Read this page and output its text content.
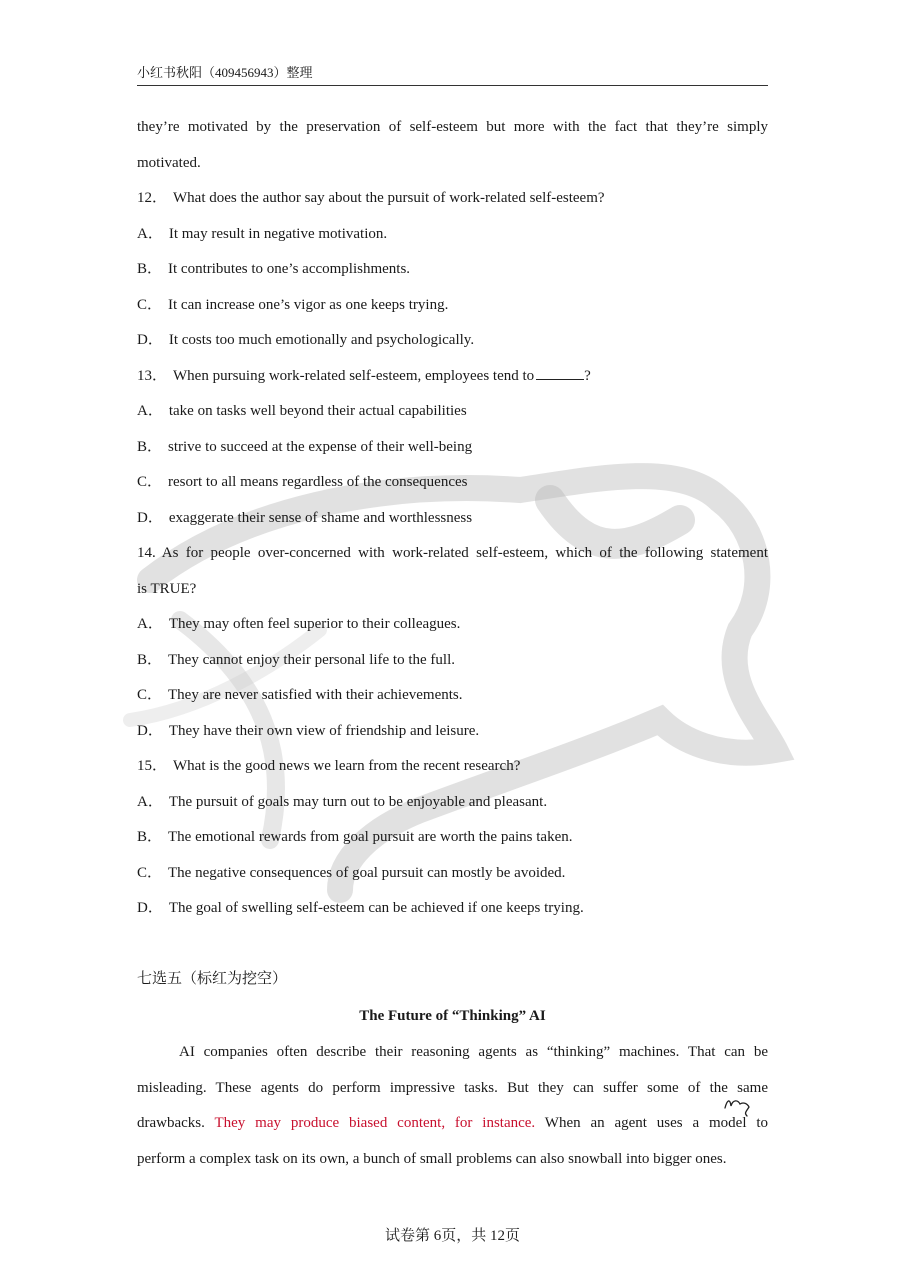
小红书秋阳（409456943）整理
they’re motivated by the preservation of self-esteem but more with the fact that they’re simply
motivated.
12． What does the author say about the pursuit of work-related self-esteem?
A． It may result in negative motivation.
B． It contributes to one’s accomplishments.
C． It can increase one’s vigor as one keeps trying.
D． It costs too much emotionally and psychologically.
13． When pursuing work-related self-esteem, employees tend to	?
A． take on tasks well beyond their actual capabilities
B． strive to succeed at the expense of their well-being
C． resort to all means regardless of the consequences
D． exaggerate their sense of shame and worthlessness
14. As for people over-concerned with work-related self-esteem, which of the following statement
is TRUE?
A． They may often feel superior to their colleagues.
B． They cannot enjoy their personal life to the full.
C． They are never satisfied with their achievements.
D． They have their own view of friendship and leisure.
15． What is the good news we learn from the recent research?
A． The pursuit of goals may turn out to be enjoyable and pleasant.
B． The emotional rewards from goal pursuit are worth the pains taken.
C． The negative consequences of goal pursuit can mostly be avoided.
D． The goal of swelling self-esteem can be achieved if one keeps trying.
七选五（标红为挖空）
The Future of “Thinking” AI
AI companies often describe their reasoning agents as “thinking” machines. That can be
misleading. These agents do perform impressive tasks. But they can suffer some of the same
drawbacks. They may produce biased content, for instance. When an agent uses a model to
perform a complex task on its own, a bunch of small problems can also snowball into bigger ones.
试卷第 6页，共 12页
